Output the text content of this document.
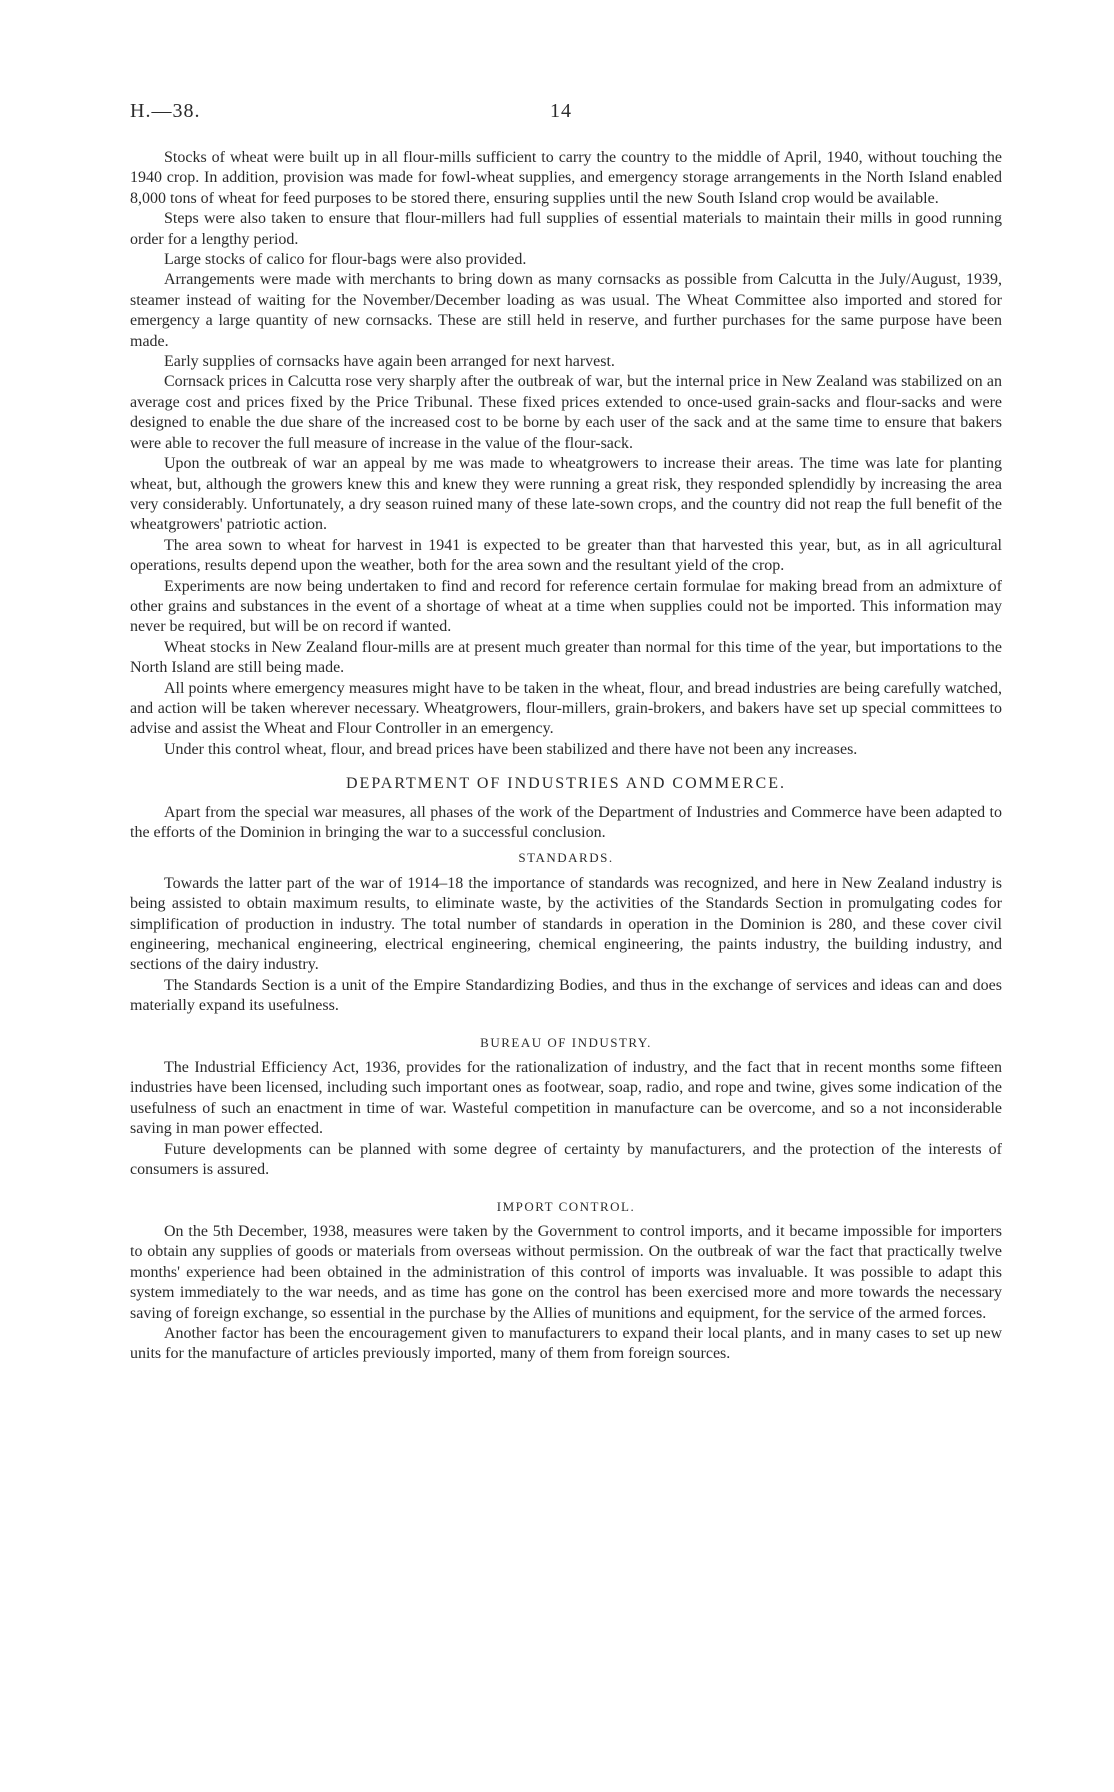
H.—38.	14

Stocks of wheat were built up in all flour-mills sufficient to carry the country to the middle of April, 1940, without touching the 1940 crop. In addition, provision was made for fowl-wheat supplies, and emergency storage arrangements in the North Island enabled 8,000 tons of wheat for feed purposes to be stored there, ensuring supplies until the new South Island crop would be available.

Steps were also taken to ensure that flour-millers had full supplies of essential materials to maintain their mills in good running order for a lengthy period.

Large stocks of calico for flour-bags were also provided.

Arrangements were made with merchants to bring down as many cornsacks as possible from Calcutta in the July/August, 1939, steamer instead of waiting for the November/December loading as was usual. The Wheat Committee also imported and stored for emergency a large quantity of new cornsacks. These are still held in reserve, and further purchases for the same purpose have been made.

Early supplies of cornsacks have again been arranged for next harvest.

Cornsack prices in Calcutta rose very sharply after the outbreak of war, but the internal price in New Zealand was stabilized on an average cost and prices fixed by the Price Tribunal. These fixed prices extended to once-used grain-sacks and flour-sacks and were designed to enable the due share of the increased cost to be borne by each user of the sack and at the same time to ensure that bakers were able to recover the full measure of increase in the value of the flour-sack.

Upon the outbreak of war an appeal by me was made to wheatgrowers to increase their areas. The time was late for planting wheat, but, although the growers knew this and knew they were running a great risk, they responded splendidly by increasing the area very considerably. Unfortunately, a dry season ruined many of these late-sown crops, and the country did not reap the full benefit of the wheatgrowers' patriotic action.

The area sown to wheat for harvest in 1941 is expected to be greater than that harvested this year, but, as in all agricultural operations, results depend upon the weather, both for the area sown and the resultant yield of the crop.

Experiments are now being undertaken to find and record for reference certain formulae for making bread from an admixture of other grains and substances in the event of a shortage of wheat at a time when supplies could not be imported. This information may never be required, but will be on record if wanted.

Wheat stocks in New Zealand flour-mills are at present much greater than normal for this time of the year, but importations to the North Island are still being made.

All points where emergency measures might have to be taken in the wheat, flour, and bread industries are being carefully watched, and action will be taken wherever necessary. Wheatgrowers, flour-millers, grain-brokers, and bakers have set up special committees to advise and assist the Wheat and Flour Controller in an emergency.

Under this control wheat, flour, and bread prices have been stabilized and there have not been any increases.

DEPARTMENT OF INDUSTRIES AND COMMERCE.

Apart from the special war measures, all phases of the work of the Department of Industries and Commerce have been adapted to the efforts of the Dominion in bringing the war to a successful conclusion.

STANDARDS.

Towards the latter part of the war of 1914–18 the importance of standards was recognized, and here in New Zealand industry is being assisted to obtain maximum results, to eliminate waste, by the activities of the Standards Section in promulgating codes for simplification of production in industry. The total number of standards in operation in the Dominion is 280, and these cover civil engineering, mechanical engineering, electrical engineering, chemical engineering, the paints industry, the building industry, and sections of the dairy industry.

The Standards Section is a unit of the Empire Standardizing Bodies, and thus in the exchange of services and ideas can and does materially expand its usefulness.

BUREAU OF INDUSTRY.

The Industrial Efficiency Act, 1936, provides for the rationalization of industry, and the fact that in recent months some fifteen industries have been licensed, including such important ones as footwear, soap, radio, and rope and twine, gives some indication of the usefulness of such an enactment in time of war. Wasteful competition in manufacture can be overcome, and so a not inconsiderable saving in man power effected.

Future developments can be planned with some degree of certainty by manufacturers, and the protection of the interests of consumers is assured.

IMPORT CONTROL.

On the 5th December, 1938, measures were taken by the Government to control imports, and it became impossible for importers to obtain any supplies of goods or materials from overseas without permission. On the outbreak of war the fact that practically twelve months' experience had been obtained in the administration of this control of imports was invaluable. It was possible to adapt this system immediately to the war needs, and as time has gone on the control has been exercised more and more towards the necessary saving of foreign exchange, so essential in the purchase by the Allies of munitions and equipment, for the service of the armed forces.

Another factor has been the encouragement given to manufacturers to expand their local plants, and in many cases to set up new units for the manufacture of articles previously imported, many of them from foreign sources.
